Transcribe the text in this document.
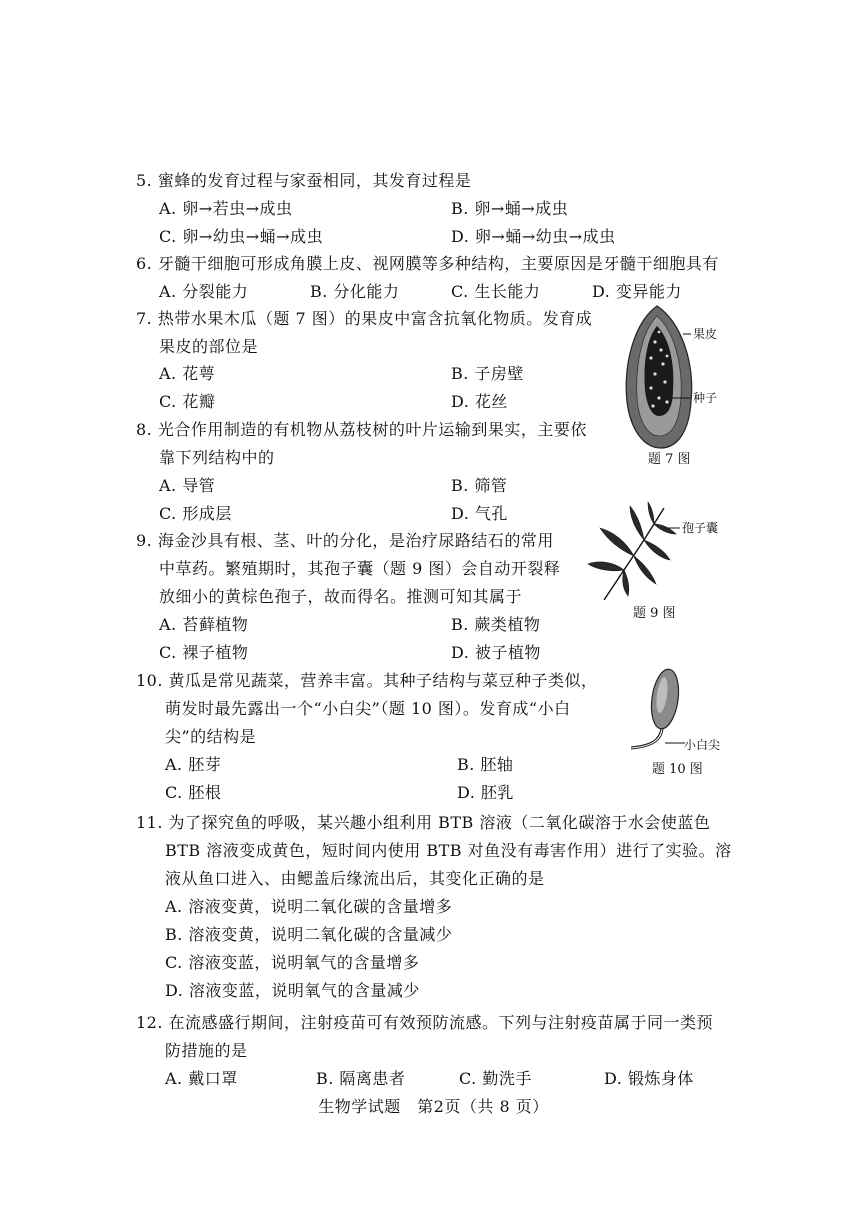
5. 蜜蜂的发育过程与家蚕相同，其发育过程是
A. 卵→若虫→成虫	B. 卵→蛹→成虫
C. 卵→幼虫→蛹→成虫	D. 卵→蛹→幼虫→成虫
6. 牙髓干细胞可形成角膜上皮、视网膜等多种结构，主要原因是牙髓干细胞具有
A. 分裂能力	B. 分化能力	C. 生长能力	D. 变异能力
7. 热带水果木瓜（题 7 图）的果皮中富含抗氧化物质。发育成
果皮的部位是
A. 花萼	B. 子房壁
C. 花瓣	D. 花丝
果皮
种子
题 7 图
8. 光合作用制造的有机物从荔枝树的叶片运输到果实，主要依
靠下列结构中的
A. 导管	B. 筛管
C. 形成层	D. 气孔
孢子囊
题 9 图
9. 海金沙具有根、茎、叶的分化，是治疗尿路结石的常用
中草药。繁殖期时，其孢子囊（题 9 图）会自动开裂释
放细小的黄棕色孢子，故而得名。推测可知其属于
A. 苔藓植物	B. 蕨类植物
C. 裸子植物	D. 被子植物
10. 黄瓜是常见蔬菜，营养丰富。其种子结构与菜豆种子类似，
萌发时最先露出一个“小白尖”（题 10 图）。发育成“小白
尖”的结构是
A. 胚芽	B. 胚轴
C. 胚根	D. 胚乳
小白尖
题 10 图
11. 为了探究鱼的呼吸，某兴趣小组利用 BTB 溶液（二氧化碳溶于水会使蓝色
BTB 溶液变成黄色，短时间内使用 BTB 对鱼没有毒害作用）进行了实验。溶
液从鱼口进入、由鳃盖后缘流出后，其变化正确的是
A. 溶液变黄，说明二氧化碳的含量增多
B. 溶液变黄，说明二氧化碳的含量减少
C. 溶液变蓝，说明氧气的含量增多
D. 溶液变蓝，说明氧气的含量减少
12. 在流感盛行期间，注射疫苗可有效预防流感。下列与注射疫苗属于同一类预
防措施的是
A. 戴口罩	B. 隔离患者	C. 勤洗手	D. 锻炼身体
生物学试题　第2页（共 8 页）
